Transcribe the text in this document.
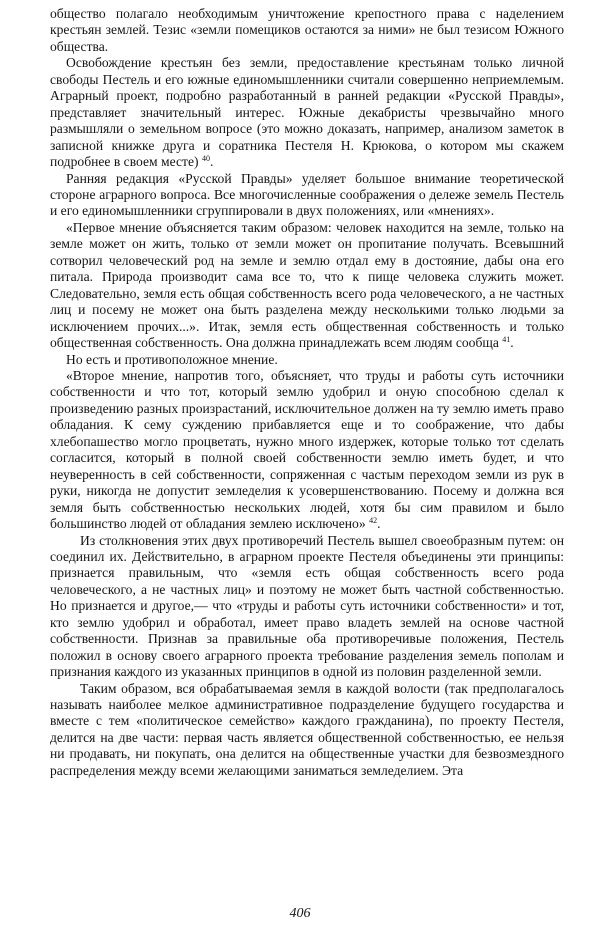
общество полагало необходимым уничтожение крепостного права с наделением крестьян землей. Тезис «земли помещиков остаются за ними» не был тезисом Южного общества.

Освобождение крестьян без земли, предоставление крестьянам только личной свободы Пестель и его южные единомышленники считали совершенно неприемлемым. Аграрный проект, подробно разработанный в ранней редакции «Русской Правды», представляет значительный интерес. Южные декабристы чрезвычайно много размышляли о земельном вопросе (это можно доказать, например, анализом заметок в записной книжке друга и соратника Пестеля Н. Крюкова, о котором мы скажем подробнее в своем месте) $^{40}$.

Ранняя редакция «Русской Правды» уделяет большое внимание теоретической стороне аграрного вопроса. Все многочисленные соображения о дележе земель Пестель и его единомышленники сгруппировали в двух положениях, или «мнениях».

«Первое мнение объясняется таким образом: человек находится на земле, только на земле может он жить, только от земли может он пропитание получать. Всевышний сотворил человеческий род на земле и землю отдал ему в достояние, дабы она его питала. Природа производит сама все то, что к пище человека служить может. Следовательно, земля есть общая собственность всего рода человеческого, а не частных лиц и посему не может она быть разделена между несколькими только людьми за исключением прочих...». Итак, земля есть общественная собственность и только общественная собственность. Она должна принадлежать всем людям сообща $^{41}$.

Но есть и противоположное мнение.

«Второе мнение, напротив того, объясняет, что труды и работы суть источники собственности и что тот, который землю удобрил и оную способною сделал к произведению разных произрастаний, исключительное должен на ту землю иметь право обладания. К сему суждению прибавляется еще и то соображение, что дабы хлебопашество могло процветать, нужно много издержек, которые только тот сделать согласится, который в полной своей собственности землю иметь будет, и что неуверенность в сей собственности, сопряженная с частым переходом земли из рук в руки, никогда не допустит земледелия к усовершенствованию. Посему и должна вся земля быть собственностью нескольких людей, хотя бы сим правилом и было большинство людей от обладания землею исключено» $^{42}$.

Из столкновения этих двух противоречий Пестель вышел своеобразным путем: он соединил их. Действительно, в аграрном проекте Пестеля объединены эти принципы: признается правильным, что «земля есть общая собственность всего рода человеческого, а не частных лиц» и поэтому не может быть частной собственностью. Но признается и другое,— что «труды и работы суть источники собственности» и тот, кто землю удобрил и обработал, имеет право владеть землей на основе частной собственности. Признав за правильные оба противоречивые положения, Пестель положил в основу своего аграрного проекта требование разделения земель пополам и признания каждого из указанных принципов в одной из половин разделенной земли.

Таким образом, вся обрабатываемая земля в каждой волости (так предполагалось называть наиболее мелкое административное подразделение будущего государства и вместе с тем «политическое семейство» каждого гражданина), по проекту Пестеля, делится на две части: первая часть является общественной собственностью, ее нельзя ни продавать, ни покупать, она делится на общественные участки для безвозмездного распределения между всеми желающими заниматься земледелием. Эта

406
